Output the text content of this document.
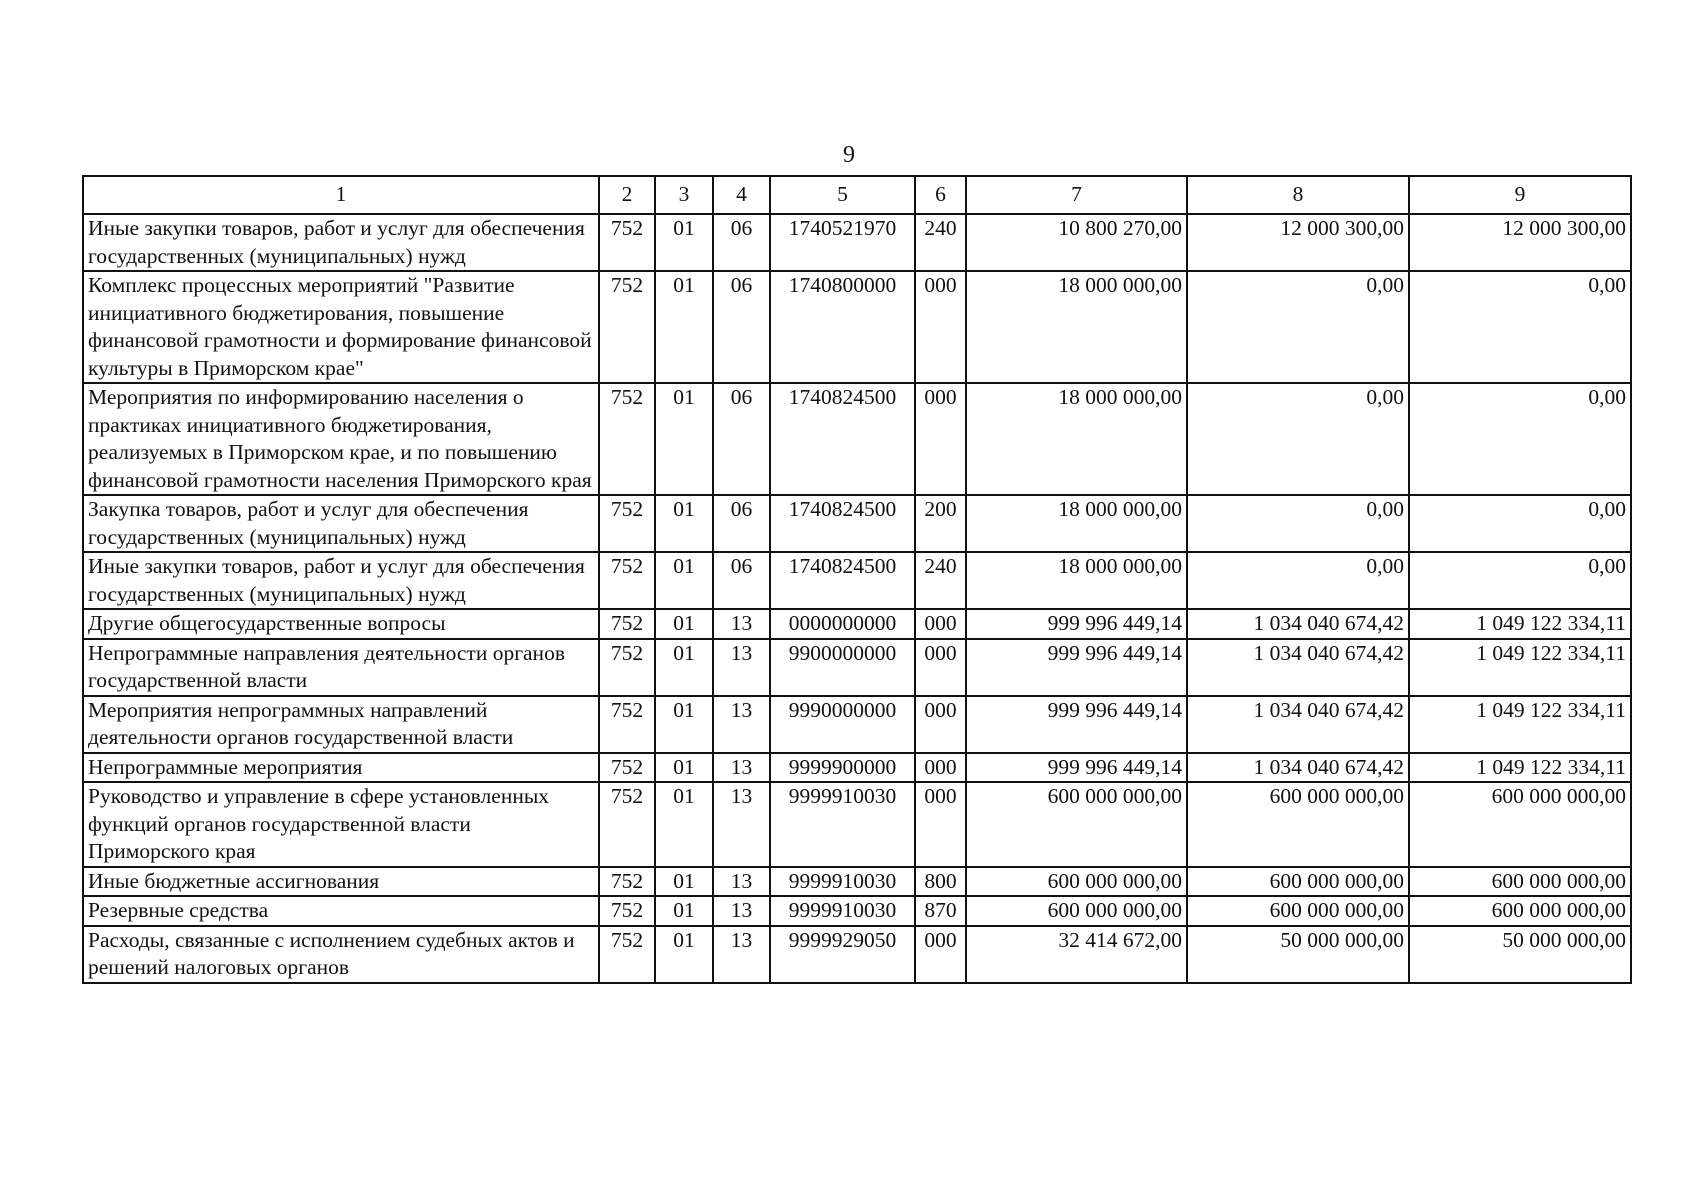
9
1	2	3	4	5	6	7	8	9
Иные закупки товаров, работ и услуг для обеспечения государственных (муниципальных) нужд	752	01	06	1740521970	240	10 800 270,00	12 000 300,00	12 000 300,00
Комплекс процессных мероприятий "Развитие инициативного бюджетирования, повышение финансовой грамотности и формирование финансовой культуры в Приморском крае"	752	01	06	1740800000	000	18 000 000,00	0,00	0,00
Мероприятия по информированию населения о практиках инициативного бюджетирования, реализуемых в Приморском крае, и по повышению финансовой грамотности населения Приморского края	752	01	06	1740824500	000	18 000 000,00	0,00	0,00
Закупка товаров, работ и услуг для обеспечения государственных (муниципальных) нужд	752	01	06	1740824500	200	18 000 000,00	0,00	0,00
Иные закупки товаров, работ и услуг для обеспечения государственных (муниципальных) нужд	752	01	06	1740824500	240	18 000 000,00	0,00	0,00
Другие общегосударственные вопросы	752	01	13	0000000000	000	999 996 449,14	1 034 040 674,42	1 049 122 334,11
Непрограммные направления деятельности органов государственной власти	752	01	13	9900000000	000	999 996 449,14	1 034 040 674,42	1 049 122 334,11
Мероприятия непрограммных направлений деятельности органов государственной власти	752	01	13	9990000000	000	999 996 449,14	1 034 040 674,42	1 049 122 334,11
Непрограммные мероприятия	752	01	13	9999900000	000	999 996 449,14	1 034 040 674,42	1 049 122 334,11
Руководство и управление в сфере установленных функций органов государственной власти Приморского края	752	01	13	9999910030	000	600 000 000,00	600 000 000,00	600 000 000,00
Иные бюджетные ассигнования	752	01	13	9999910030	800	600 000 000,00	600 000 000,00	600 000 000,00
Резервные средства	752	01	13	9999910030	870	600 000 000,00	600 000 000,00	600 000 000,00
Расходы, связанные с исполнением судебных актов и решений налоговых органов	752	01	13	9999929050	000	32 414 672,00	50 000 000,00	50 000 000,00
